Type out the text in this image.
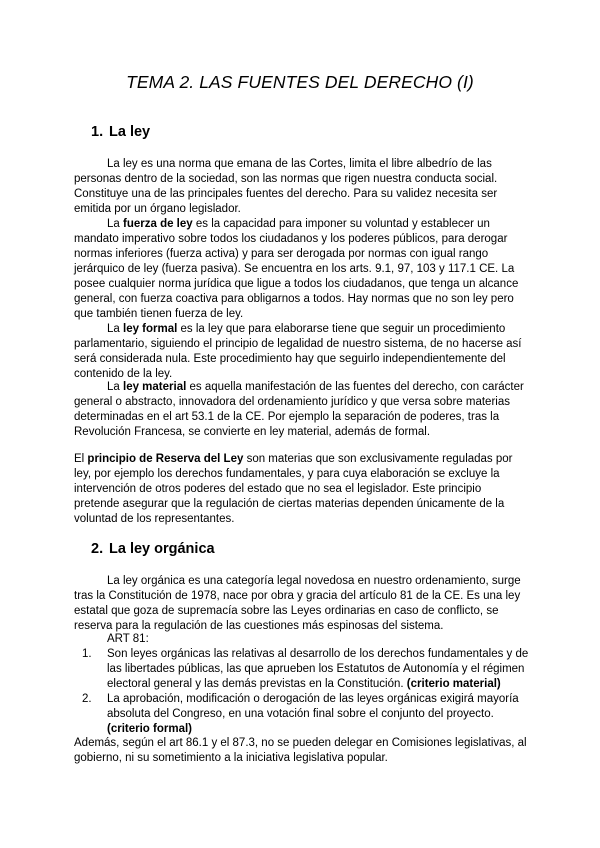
TEMA 2. LAS FUENTES DEL DERECHO (I)
1. La ley

La ley es una norma que emana de las Cortes, limita el libre albedrío de las personas dentro de la sociedad, son las normas que rigen nuestra conducta social. Constituye una de las principales fuentes del derecho. Para su validez necesita ser emitida por un órgano legislador.

La fuerza de ley es la capacidad para imponer su voluntad y establecer un mandato imperativo sobre todos los ciudadanos y los poderes públicos, para derogar normas inferiores (fuerza activa) y para ser derogada por normas con igual rango jerárquico de ley (fuerza pasiva). Se encuentra en los arts. 9.1, 97, 103 y 117.1 CE. La posee cualquier norma jurídica que ligue a todos los ciudadanos, que tenga un alcance general, con fuerza coactiva para obligarnos a todos. Hay normas que no son ley pero que también tienen fuerza de ley.

La ley formal es la ley que para elaborarse tiene que seguir un procedimiento parlamentario, siguiendo el principio de legalidad de nuestro sistema, de no hacerse así será considerada nula. Este procedimiento hay que seguirlo independientemente del contenido de la ley.

La ley material es aquella manifestación de las fuentes del derecho, con carácter general o abstracto, innovadora del ordenamiento jurídico y que versa sobre materias determinadas en el art 53.1 de la CE. Por ejemplo la separación de poderes, tras la Revolución Francesa, se convierte en ley material, además de formal.

El principio de Reserva del Ley son materias que son exclusivamente reguladas por ley, por ejemplo los derechos fundamentales, y para cuya elaboración se excluye la intervención de otros poderes del estado que no sea el legislador. Este principio pretende asegurar que la regulación de ciertas materias dependen únicamente de la voluntad de los representantes.

2. La ley orgánica

La ley orgánica es una categoría legal novedosa en nuestro ordenamiento, surge tras la Constitución de 1978, nace por obra y gracia del artículo 81 de la CE. Es una ley estatal que goza de supremacía sobre las Leyes ordinarias en caso de conflicto, se reserva para la regulación de las cuestiones más espinosas del sistema.

ART 81:

1. Son leyes orgánicas las relativas al desarrollo de los derechos fundamentales y de las libertades públicas, las que aprueben los Estatutos de Autonomía y el régimen electoral general y las demás previstas en la Constitución. (criterio material)
2. La aprobación, modificación o derogación de las leyes orgánicas exigirá mayoría absoluta del Congreso, en una votación final sobre el conjunto del proyecto. (criterio formal)

Además, según el art 86.1 y el 87.3, no se pueden delegar en Comisiones legislativas, al gobierno, ni su sometimiento a la iniciativa legislativa popular.
